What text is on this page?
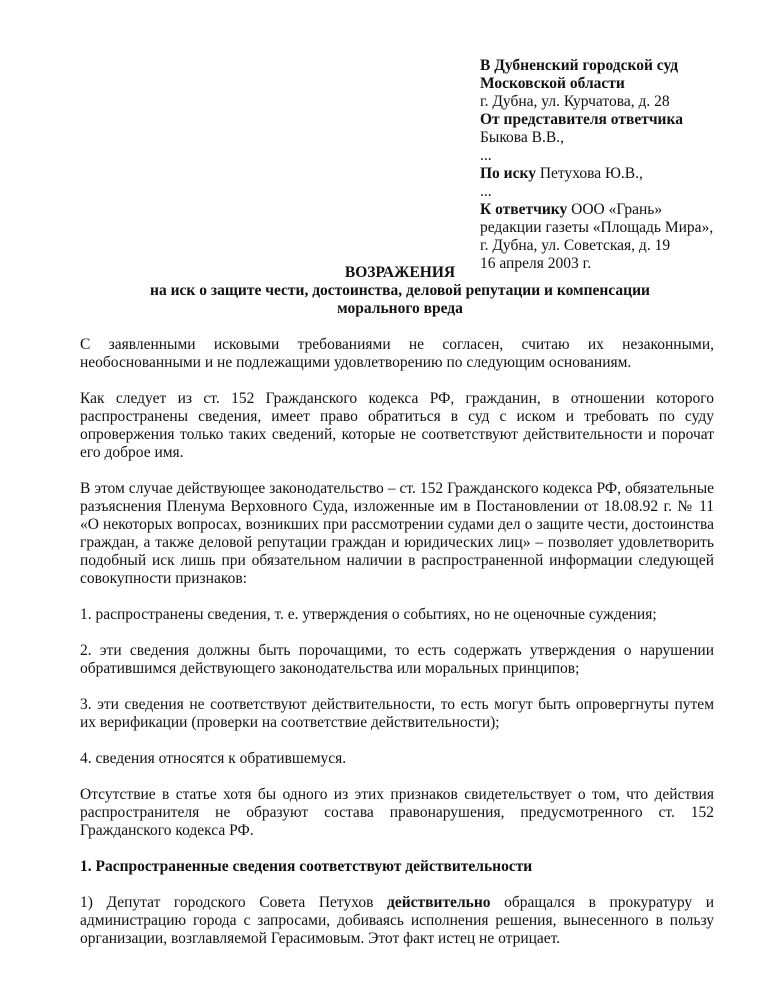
В Дубненский городской суд
Московской области
г. Дубна, ул. Курчатова, д. 28
От представителя ответчика
Быкова В.В.,
...
По иску Петухова Ю.В.,
...
К ответчику ООО «Грань»
редакции газеты «Площадь Мира»,
г. Дубна, ул. Советская, д. 19
16 апреля 2003 г.
ВОЗРАЖЕНИЯ
на иск о защите чести, достоинства, деловой репутации и компенсации
морального вреда

С заявленными исковыми требованиями не согласен, считаю их незаконными, необоснованными и не подлежащими удовлетворению по следующим основаниям.

Как следует из ст. 152 Гражданского кодекса РФ, гражданин, в отношении которого распространены сведения, имеет право обратиться в суд с иском и требовать по суду опровержения только таких сведений, которые не соответствуют действительности и порочат его доброе имя.

В этом случае действующее законодательство – ст. 152 Гражданского кодекса РФ, обязательные разъяснения Пленума Верховного Суда, изложенные им в Постановлении от 18.08.92 г. № 11 «О некоторых вопросах, возникших при рассмотрении судами дел о защите чести, достоинства граждан, а также деловой репутации граждан и юридических лиц» – позволяет удовлетворить подобный иск лишь при обязательном наличии в распространенной информации следующей совокупности признаков:

1. распространены сведения, т. е. утверждения о событиях, но не оценочные суждения;

2. эти сведения должны быть порочащими, то есть содержать утверждения о нарушении обратившимся действующего законодательства или моральных принципов;

3. эти сведения не соответствуют действительности, то есть могут быть опровергнуты путем их верификации (проверки на соответствие действительности);

4. сведения относятся к обратившемуся.

Отсутствие в статье хотя бы одного из этих признаков свидетельствует о том, что действия распространителя не образуют состава правонарушения, предусмотренного ст. 152 Гражданского кодекса РФ.

1. Распространенные сведения соответствуют действительности

1) Депутат городского Совета Петухов действительно обращался в прокуратуру и администрацию города с запросами, добиваясь исполнения решения, вынесенного в пользу организации, возглавляемой Герасимовым. Этот факт истец не отрицает.
